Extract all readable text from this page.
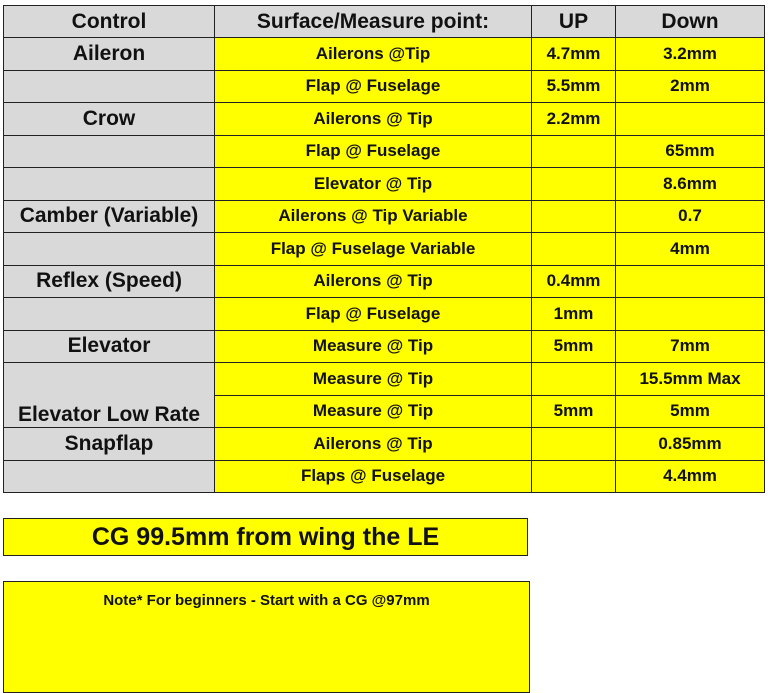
Control	Surface/Measure point:	UP	Down
Aileron	Ailerons @Tip	4.7mm	3.2mm
	Flap @ Fuselage	5.5mm	2mm
Crow	Ailerons @ Tip	2.2mm	
	Flap @ Fuselage		65mm
	Elevator @ Tip		8.6mm
Camber (Variable)	Ailerons @ Tip Variable		0.7
	Flap @ Fuselage Variable		4mm
Reflex (Speed)	Ailerons @ Tip	0.4mm	
	Flap @ Fuselage	1mm	
Elevator	Measure @ Tip	5mm	7mm
Elevator Low Rate	Measure @ Tip		15.5mm Max
	Measure @ Tip	5mm	5mm
Snapflap	Ailerons @ Tip		0.85mm
	Flaps @ Fuselage		4.4mm
CG 99.5mm from wing the LE
Note* For beginners - Start with a CG @97mm
